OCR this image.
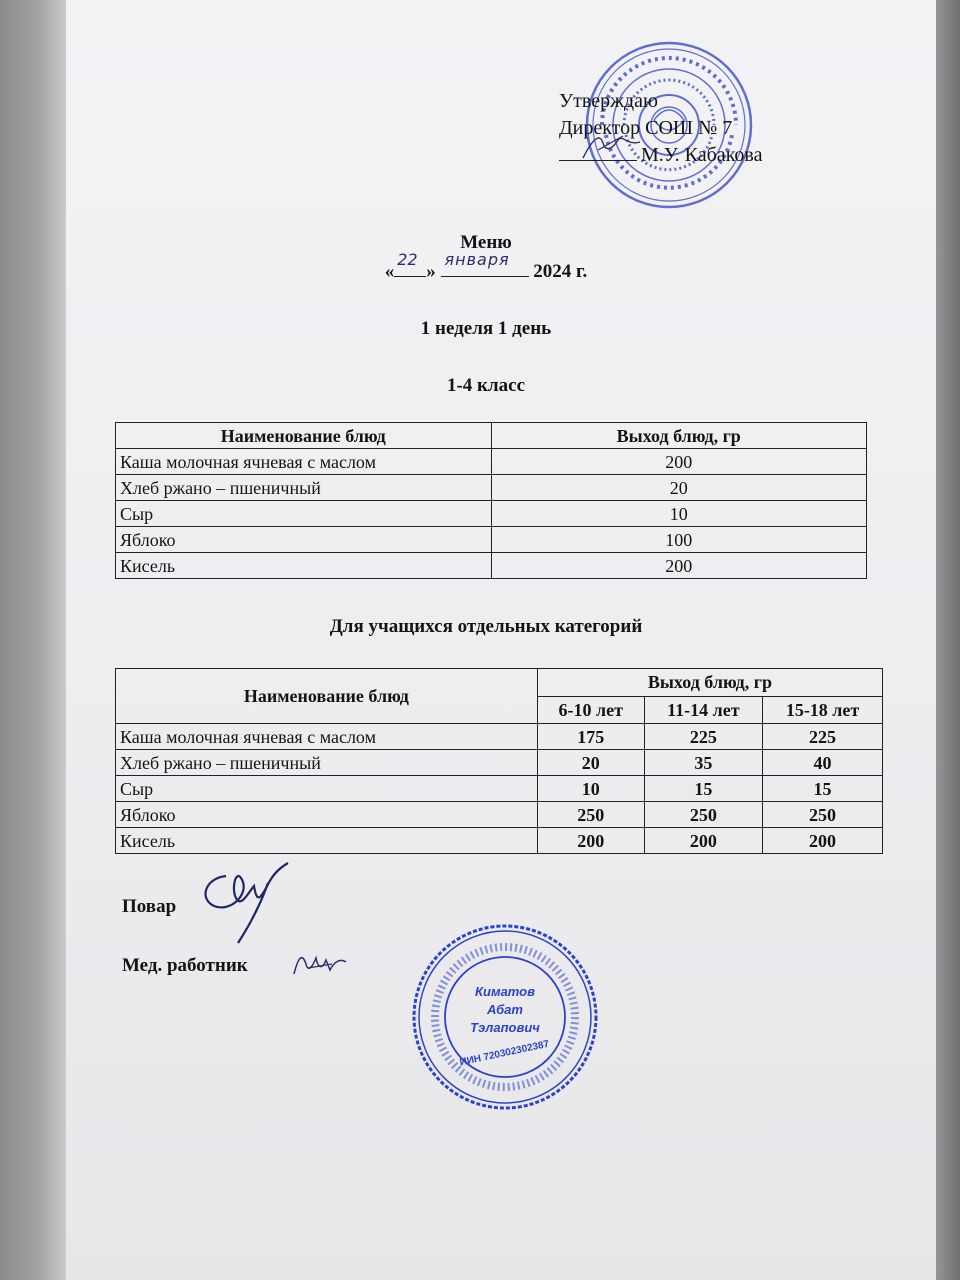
Утверждаю
Директор СОШ № 7
М.У. Кабакова
Меню
«
22
»
января
2024 г.
1 неделя 1 день
1-4 класс
Наименование блюд	Выход блюд, гр
Каша молочная ячневая с маслом	200
Хлеб ржано – пшеничный	20
Сыр	10
Яблоко	100
Кисель	200
Для учащихся отдельных категорий
Наименование блюд	Выход блюд, гр		
	6-10 лет	11-14 лет	15-18 лет
Каша молочная ячневая с маслом	175	225	225
Хлеб ржано – пшеничный	20	35	40
Сыр	10	15	15
Яблоко	250	250	250
Кисель	200	200	200
Повар
Мед. работник
Киматов
Абат
Тэлапович
ИИН 720302302387
